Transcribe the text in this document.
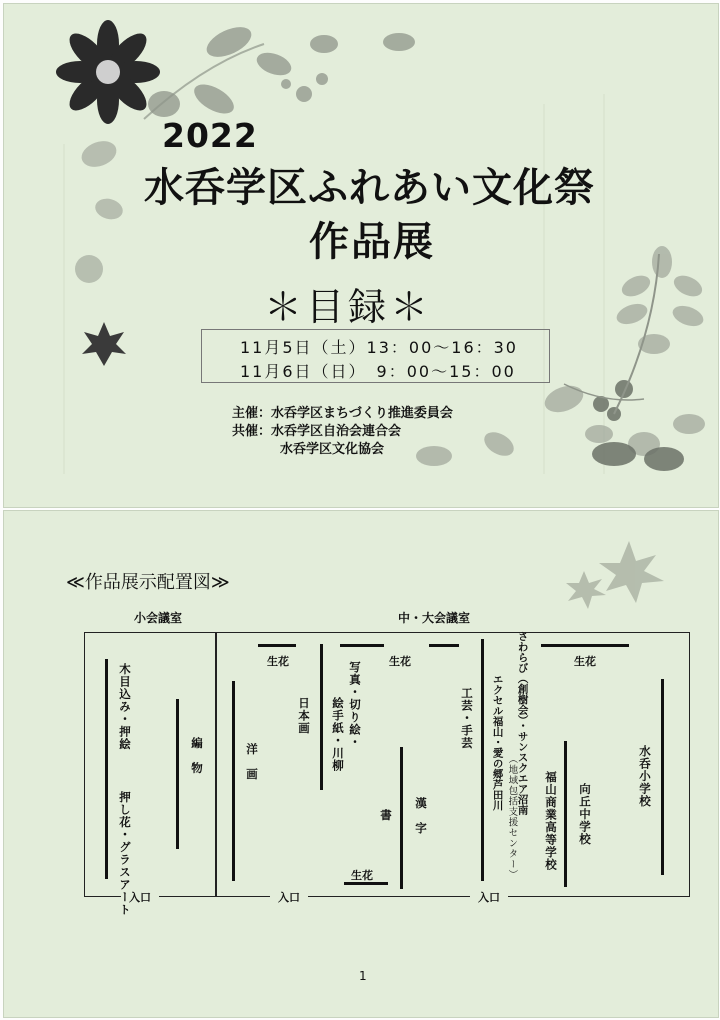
2022
水呑学区ふれあい文化祭
作品展
＊目録＊
11月5日（土）13：00〜16：30
11月6日（日）　9：00〜15：00
主催：水呑学区まちづくり推進委員会
共催：水呑学区自治会連合会
水呑学区文化協会
≪作品展示配置図≫
小会議室	中・大会議室
入口	入口	入口
木目込み・押絵
押し花・グラスアート
編　物	洋　画
生花
日本画	写真・切り絵・
絵手紙・川柳
生花
書 漢　字
生花
工芸・手芸	さわらび（創樹会）・サンスクエア沼南
（地域包括支援センター）
エクセル福山・愛の郷芦田川
生花
福山商業高等学校 向丘中学校
水呑小学校
1
